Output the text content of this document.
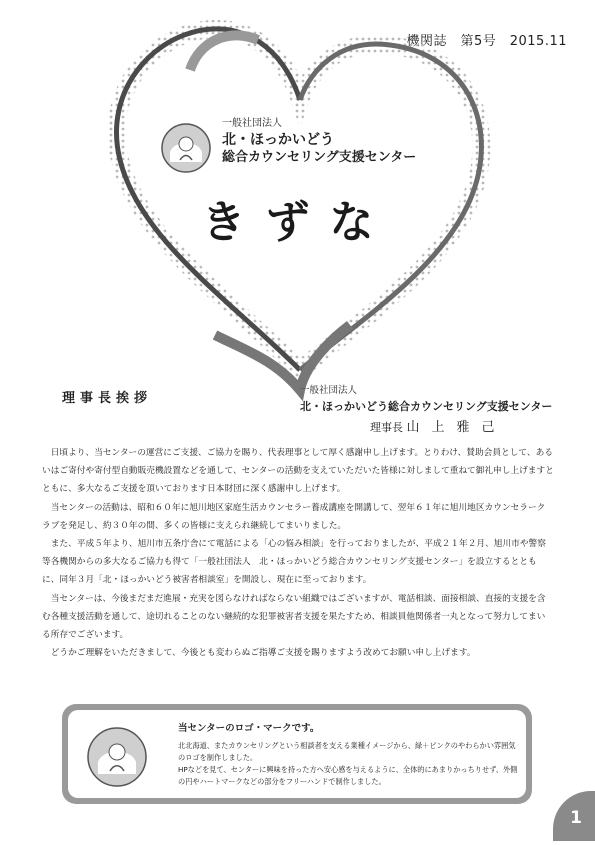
機関誌　第5号　2015.11
一般社団法人
北・ほっかいどう
総合カウンセリング支援センター
きずな
理事長挨拶
一般社団法人
北・ほっかいどう総合カウンセリング支援センター
理事長 山上雅己

日頃より、当センターの運営にご支援、ご協力を賜り、代表理事として厚く感謝申し上げます。とりわけ、賛助会員として、あるいはご寄付や寄付型自動販売機設置などを通して、センターの活動を支えていただいた皆様に対しまして重ねて御礼申し上げますとともに、多大なるご支援を頂いております日本財団に深く感謝申し上げます。

当センターの活動は、昭和６０年に旭川地区家庭生活カウンセラー養成講座を開講して、翌年６１年に旭川地区カウンセラークラブを発足し、約３０年の間、多くの皆様に支えられ継続してまいりました。

また、平成５年より、旭川市五条庁舎にて電話による「心の悩み相談」を行っておりましたが、平成２１年２月、旭川市や警察等各機関からの多大なるご協力も得て「一般社団法人　北・ほっかいどう総合カウンセリング支援センター」を設立するとともに、同年３月「北・ほっかいどう被害者相談室」を開設し、現在に至っております。

当センターは、今後まだまだ進展・充実を図らなければならない組織ではございますが、電話相談、面接相談、直接的支援を含む各種支援活動を通して、途切れることのない継続的な犯罪被害者支援を果たすため、相談員他関係者一丸となって努力してまいる所存でございます。

どうかご理解をいただきまして、今後とも変わらぬご指導ご支援を賜りますよう改めてお願い申し上げます。

当センターのロゴ・マークです。
北北海道、またカウンセリングという相談者を支える業種イメージから、緑＋ピンクのやわらかい雰囲気のロゴを制作しました。
HPなどを見て、センターに興味を持った方へ安心感を与えるように、全体的にあまりかっちりせず、外側の円やハートマークなどの部分をフリーハンドで制作しました。
1
